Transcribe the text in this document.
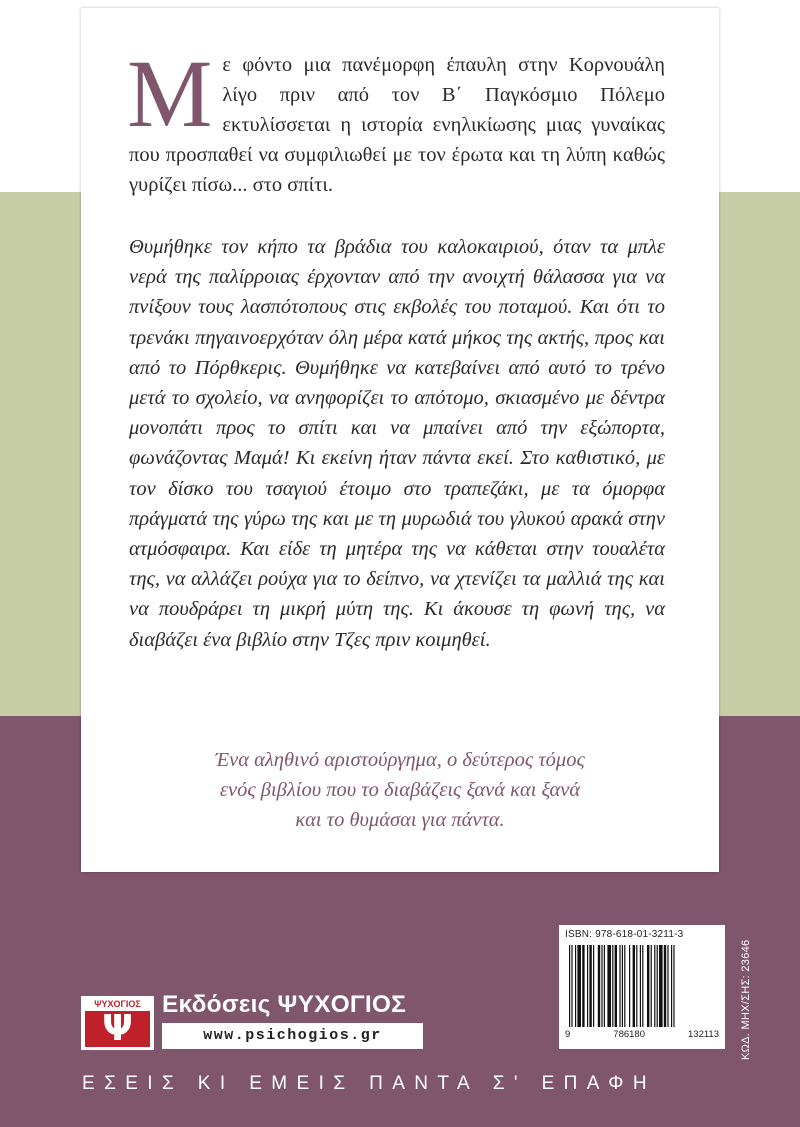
Με φόντο μια πανέμορφη έπαυλη στην Κορνουάλη λίγο πριν από τον Β΄ Παγκόσμιο Πόλεμο εκτυλίσσεται η ιστορία ενηλικίωσης μιας γυναίκας που προσπαθεί να συμφιλιωθεί με τον έρωτα και τη λύπη καθώς γυρίζει πίσω... στο σπίτι.

Θυμήθηκε τον κήπο τα βράδια του καλοκαιριού, όταν τα μπλε νερά της παλίρροιας έρχονταν από την ανοιχτή θάλασσα για να πνίξουν τους λασπότοπους στις εκβολές του ποταμού. Και ότι το τρενάκι πηγαινοερχόταν όλη μέρα κατά μήκος της ακτής, προς και από το Πόρθκερις. Θυμήθηκε να κατεβαίνει από αυτό το τρένο μετά το σχολείο, να ανηφορίζει το απότομο, σκιασμένο με δέντρα μονοπάτι προς το σπίτι και να μπαίνει από την εξώπορτα, φωνάζοντας Μαμά! Κι εκείνη ήταν πάντα εκεί. Στο καθιστικό, με τον δίσκο του τσαγιού έτοιμο στο τραπεζάκι, με τα όμορφα πράγματά της γύρω της και με τη μυρωδιά του γλυκού αρακά στην ατμόσφαιρα. Και είδε τη μητέρα της να κάθεται στην τουαλέτα της, να αλλάζει ρούχα για το δείπνο, να χτενίζει τα μαλλιά της και να πουδράρει τη μικρή μύτη της. Κι άκουσε τη φωνή της, να διαβάζει ένα βιβλίο στην Τζες πριν κοιμηθεί.

Ένα αληθινό αριστούργημα, ο δεύτερος τόμος
ενός βιβλίου που το διαβάζεις ξανά και ξανά
και το θυμάσαι για πάντα.
ISBN: 978-618-01-3211-3
9	786180	132113 ΚΩΔ. ΜΗΧ/ΣΗΣ: 23646
ΨΥΧΟΓΙΟΣ
Ψ
Εκδόσεις ΨΥΧΟΓΙΟΣ
www.psichogios.gr
ΕΣΕΙΣ ΚΙ ΕΜΕΙΣ ΠΑΝΤΑ Σ' ΕΠΑΦΗ
